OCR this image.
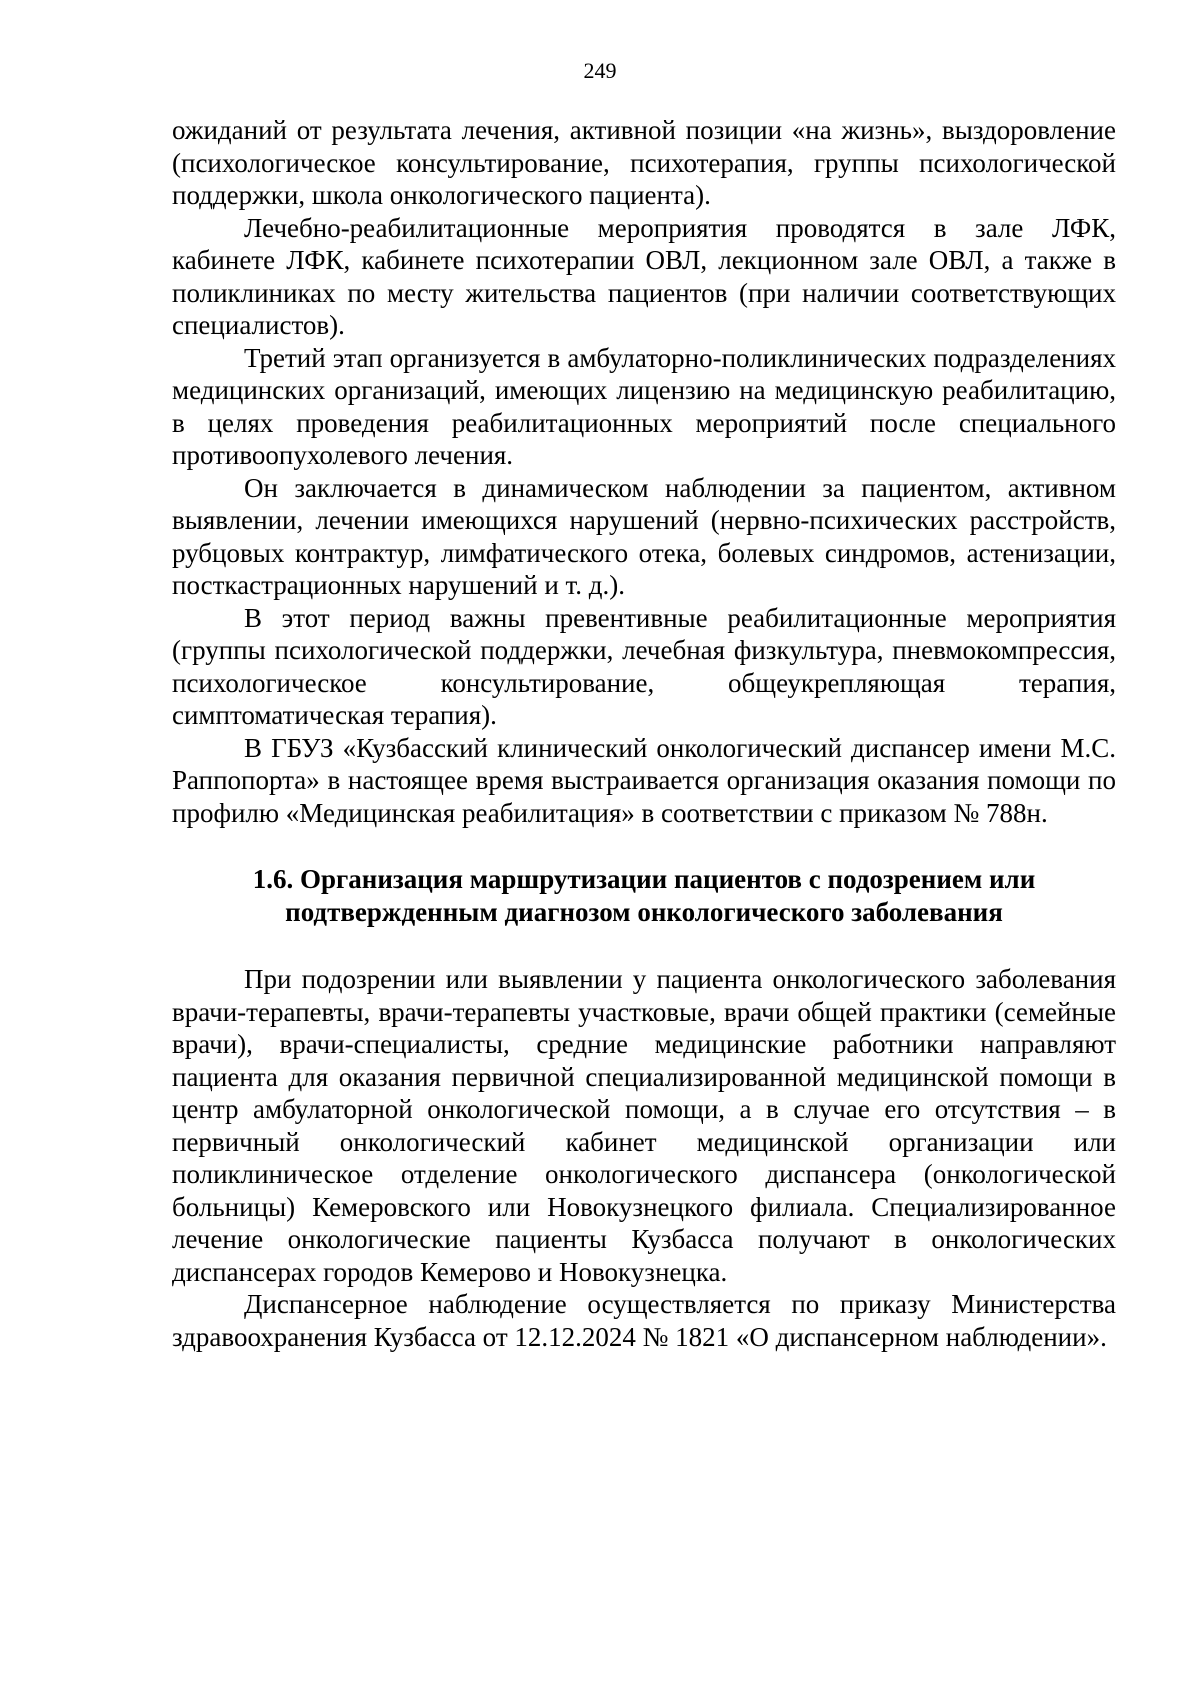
249

ожиданий от результата лечения, активной позиции «на жизнь», выздоровление (психологическое консультирование, психотерапия, группы психологической поддержки, школа онкологического пациента).

Лечебно-реабилитационные мероприятия проводятся в зале ЛФК, кабинете ЛФК, кабинете психотерапии ОВЛ, лекционном зале ОВЛ, а также в поликлиниках по месту жительства пациентов (при наличии соответствующих специалистов).

Третий этап организуется в амбулаторно-поликлинических подразделениях медицинских организаций, имеющих лицензию на медицинскую реабилитацию, в целях проведения реабилитационных мероприятий после специального противоопухолевого лечения.

Он заключается в динамическом наблюдении за пациентом, активном выявлении, лечении имеющихся нарушений (нервно-психических расстройств, рубцовых контрактур, лимфатического отека, болевых синдромов, астенизации, посткастрационных нарушений и т. д.).

В этот период важны превентивные реабилитационные мероприятия (группы психологической поддержки, лечебная физкультура, пневмокомпрессия, психологическое консультирование, общеукрепляющая терапия, симптоматическая терапия).

В ГБУЗ «Кузбасский клинический онкологический диспансер имени М.С. Раппопорта» в настоящее время выстраивается организация оказания помощи по профилю «Медицинская реабилитация» в соответствии с приказом № 788н.

1.6. Организация маршрутизации пациентов с подозрением или
подтвержденным диагнозом онкологического заболевания

При подозрении или выявлении у пациента онкологического заболевания врачи-терапевты, врачи-терапевты участковые, врачи общей практики (семейные врачи), врачи-специалисты, средние медицинские работники направляют пациента для оказания первичной специализированной медицинской помощи в центр амбулаторной онкологической помощи, а в случае его отсутствия – в первичный онкологический кабинет медицинской организации или поликлиническое отделение онкологического диспансера (онкологической больницы) Кемеровского или Новокузнецкого филиала. Специализированное лечение онкологические пациенты Кузбасса получают в онкологических диспансерах городов Кемерово и Новокузнецка.

Диспансерное наблюдение осуществляется по приказу Министерства здравоохранения Кузбасса от 12.12.2024 № 1821 «О диспансерном наблюдении».
